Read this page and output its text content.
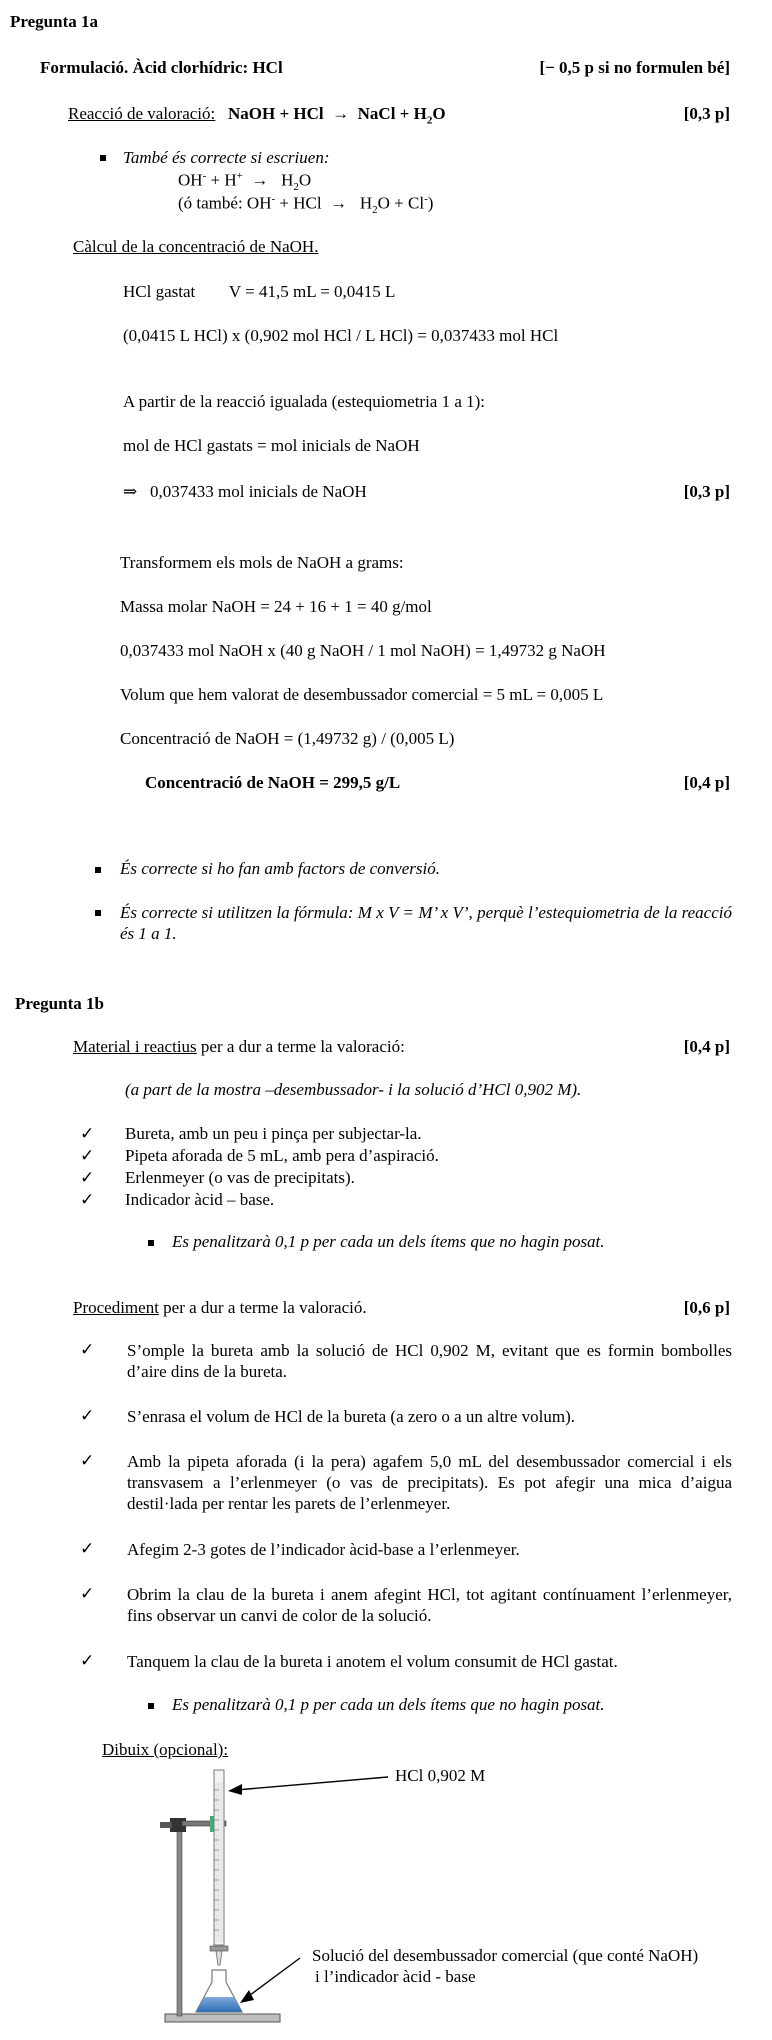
Pregunta 1a
Formulació. Àcid clorhídric: HCl	[− 0,5 p si no formulen bé]
Reacció de valoració: NaOH + HCl → NaCl + $H_2O$	[0,3 p]
També és correcte si escriuen:
$OH^- + H^+ \to H_2O$
(ó també: OH- + HCl → $H_2O + Cl^-$)
Càlcul de la concentració de NaOH.
HCl gastat        V = 41,5 mL = 0,0415 L
(0,0415 L HCl) x (0,902 mol HCl / L HCl) = 0,037433 mol HCl
A partir de la reacció igualada (estequiometria 1 a 1):
mol de HCl gastats = mol inicials de NaOH
⇒ 0,037433 mol inicials de NaOH	[0,3 p]
Transformem els mols de NaOH a grams:
Massa molar NaOH = 24 + 16 + 1 = 40 g/mol
0,037433 mol NaOH x (40 g NaOH / 1 mol NaOH) = 1,49732 g NaOH
Volum que hem valorat de desembussador comercial = 5 mL = 0,005 L
Concentració de NaOH = (1,49732 g) / (0,005 L)
Concentració de NaOH = 299,5 g/L	[0,4 p]
És correcte si ho fan amb factors de conversió.
És correcte si utilitzen la fórmula: M x V = M’ x V’, perquè l’estequiometria de la reacció és 1 a 1.
Pregunta 1b
Material i reactius per a dur a terme la valoració:	[0,4 p]
(a part de la mostra –desembussador- i la solució d’HCl 0,902 M).
✓ Bureta, amb un peu i pinça per subjectar-la.
✓ Pipeta aforada de 5 mL, amb pera d’aspiració.
✓ Erlenmeyer (o vas de precipitats).
✓ Indicador àcid – base.
Es penalitzarà 0,1 p per cada un dels ítems que no hagin posat.
Procediment per a dur a terme la valoració.	[0,6 p]
✓ S’omple la bureta amb la solució de HCl 0,902 M, evitant que es formin bombolles d’aire dins de la bureta.
✓ S’enrasa el volum de HCl de la bureta (a zero o a un altre volum).
✓ Amb la pipeta aforada (i la pera) agafem 5,0 mL del desembussador comercial i els transvasem a l’erlenmeyer (o vas de precipitats). Es pot afegir una mica d’aigua destil·lada per rentar les parets de l’erlenmeyer.
✓ Afegim 2-3 gotes de l’indicador àcid-base a l’erlenmeyer.
✓ Obrim la clau de la bureta i anem afegint HCl, tot agitant contínuament l’erlenmeyer, fins observar un canvi de color de la solució.
✓ Tanquem la clau de la bureta i anotem el volum consumit de HCl gastat.
Es penalitzarà 0,1 p per cada un dels ítems que no hagin posat.
Dibuix (opcional):
HCl 0,902 M
Solució del desembussador comercial (que conté NaOH)
i l’indicador àcid - base
